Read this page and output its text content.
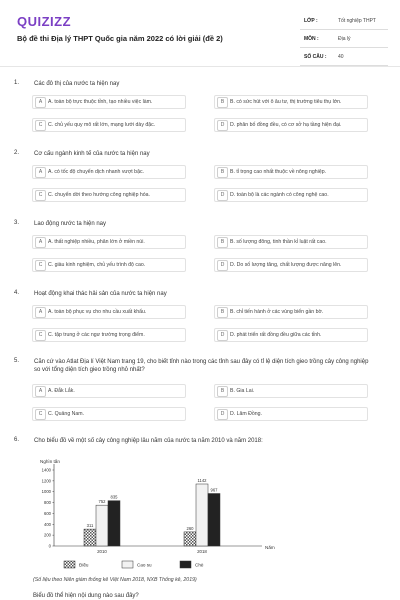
QUIZIZZ
Bộ đề thi Địa lý THPT Quốc gia năm 2022 có lời giải (đề 2)
LỚP :	Tốt nghiệp THPT
MÔN :	Địa lý
SỐ CÂU : 40
1. Các đô thị của nước ta hiện nay
A	A. toàn bộ trực thuộc tỉnh, tạo nhiều việc làm.	B	B. có sức hút với ô âu tư, thị trường tiêu thụ lớn.
C	C. chủ yếu quy mô rất lớn, mạng lưới dày đặc.	D	D. phân bố đồng đều, có cơ sở hạ tầng hiện đại.
2. Cơ cấu ngành kinh tế của nước ta hiện nay
A	A. có tốc độ chuyển dịch nhanh vượt bậc.	B	B. tỉ trọng cao nhất thuộc về nông nghiệp.
C	C. chuyển dời theo hướng công nghiệp hóa.	D	D. toàn bộ là các ngành có công nghệ cao.
3. Lao động nước ta hiện nay
A	A. thất nghiệp nhiều, phân lớn ở miền núi.	B	B. số lượng đông, tinh thần kỉ luật rất cao.
C	C. giàu kinh nghiệm, chủ yếu trình độ cao.	D	D. Do số lượng tăng, chất lượng được nâng lên.
4. Hoạt động khai thác hải sản của nước ta hiện nay
A	A. toàn bộ phục vụ cho nhu cầu xuất khẩu.	B	B. chỉ tiến hành ở các vùng biển gần bờ.
C	C. tập trung ở các ngư trường trọng điểm.	D	D. phát triển rất đồng đều giữa các tỉnh.
5. Căn cứ vào Atlat Địa lí Việt Nam trang 19, cho biết tỉnh nào trong các tỉnh sau đây có tỉ lệ diện tích gieo trồng cây công nghiệp so với tổng diện tích gieo trồng nhỏ nhất?
A	A. Đắk Lắk.	B	B. Gia Lai.
C	C. Quảng Nam.	D	D. Lâm Đồng.
6. Cho biểu đồ về một số cây công nghiệp lâu năm của nước ta năm 2010 và năm 2018:
Nghìn tấn
0
200
400
600
800
1000
1200
1400
Năm
311
752
835
2010
260
1142
967
2018
Điều	Cao su	Chè
(Số liệu theo Niên giám thống kê Việt Nam 2018, NXB Thống kê, 2019)
Biểu đồ thể hiện nội dung nào sau đây?
